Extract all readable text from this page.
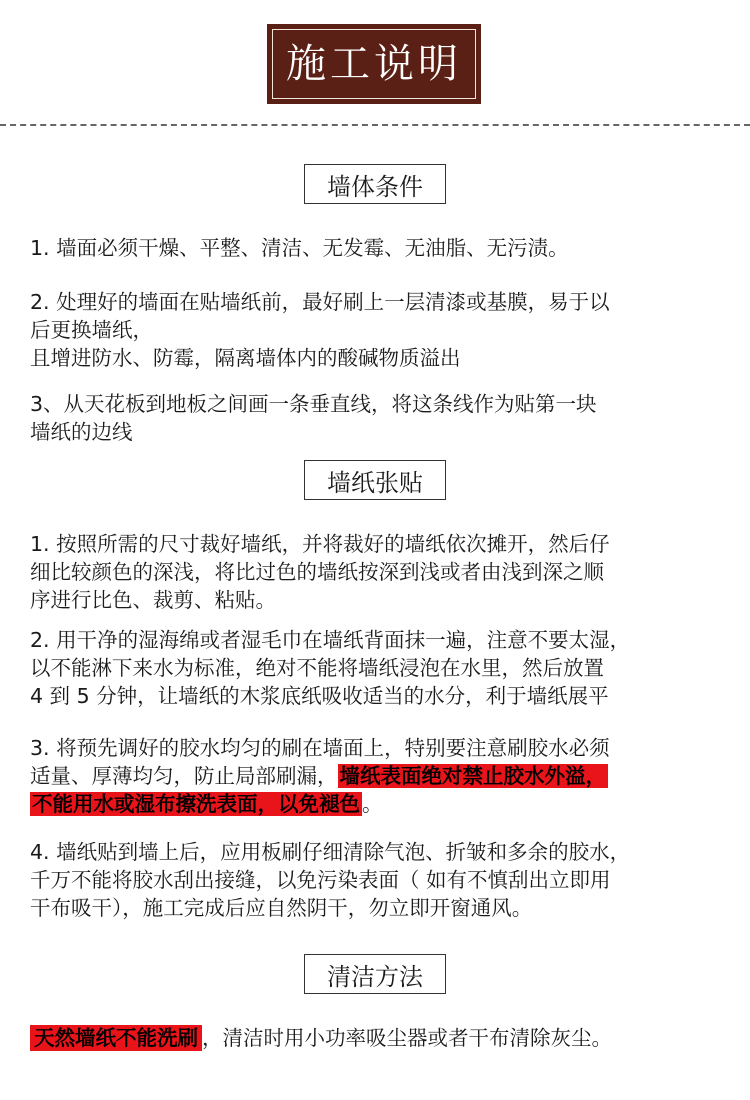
施工说明
墙体条件
1. 墙面必须干燥、平整、清洁、无发霉、无油脂、无污渍。
2. 处理好的墙面在贴墙纸前，最好刷上一层清漆或基膜，易于以
后更换墙纸，
且增进防水、防霉，隔离墙体内的酸碱物质溢出
3、从天花板到地板之间画一条垂直线，将这条线作为贴第一块
墙纸的边线
墙纸张贴
1. 按照所需的尺寸裁好墙纸，并将裁好的墙纸依次摊开，然后仔
细比较颜色的深浅，将比过色的墙纸按深到浅或者由浅到深之顺
序进行比色、裁剪、粘贴。
2. 用干净的湿海绵或者湿毛巾在墙纸背面抹一遍，注意不要太湿，
以不能淋下来水为标准，绝对不能将墙纸浸泡在水里，然后放置
4 到 5 分钟，让墙纸的木浆底纸吸收适当的水分，利于墙纸展平
3. 将预先调好的胶水均匀的刷在墙面上，特别要注意刷胶水必须
适量、厚薄均匀，防止局部刷漏，墙纸表面绝对禁止胶水外溢，
不能用水或湿布擦洗表面，以免褪色。
4. 墙纸贴到墙上后，应用板刷仔细清除气泡、折皱和多余的胶水，
千万不能将胶水刮出接缝，以免污染表面（ 如有不慎刮出立即用
干布吸干），施工完成后应自然阴干，勿立即开窗通风。
清洁方法
天然墙纸不能洗刷 ，清洁时用小功率吸尘器或者干布清除灰尘。
